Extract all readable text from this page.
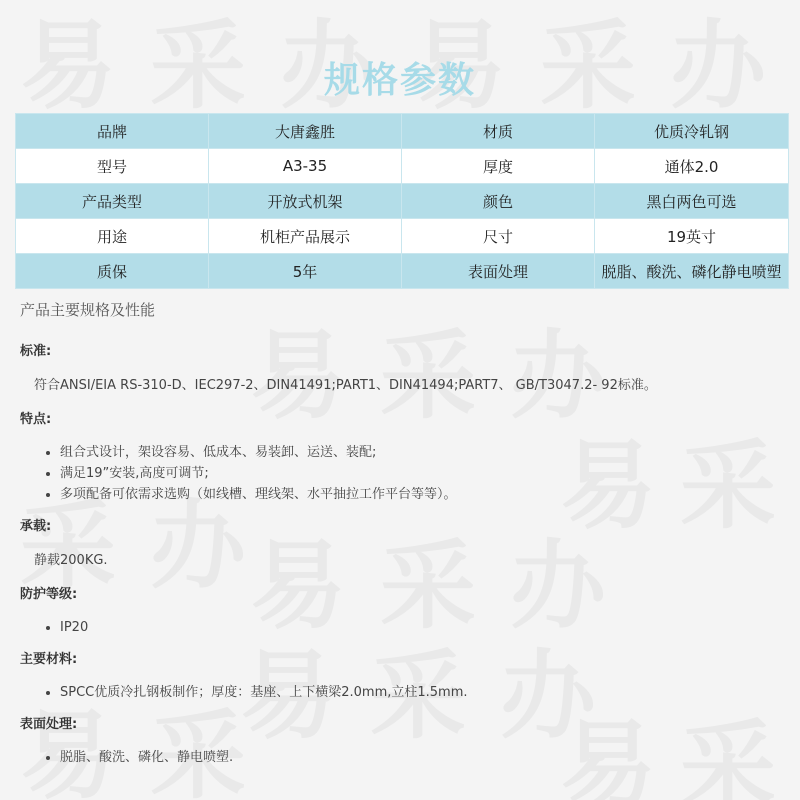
规格参数
品牌	大唐鑫胜	材质	优质冷轧钢
型号	A3-35	厚度	通体2.0
产品类型	开放式机架	颜色	黑白两色可选
用途	机柜产品展示	尺寸	19英寸
质保	5年	表面处理	脱脂、酸洗、磷化静电喷塑
产品主要规格及性能
标准:
符合ANSI/EIA RS-310-D、IEC297-2、DIN41491;PART1、DIN41494;PART7、 GB/T3047.2- 92标准。
特点:
• 组合式设计，架设容易、低成本、易装卸、运送、装配;
• 满足19”安装,高度可调节;
• 多项配备可依需求选购（如线槽、理线架、水平抽拉工作平台等等）。
承载:
静载200KG.
防护等级:
• IP20
主要材料:
• SPCC优质冷扎钢板制作；厚度：基座、上下横梁2.0mm,立柱1.5mm.
表面处理:
• 脱脂、酸洗、磷化、静电喷塑.
